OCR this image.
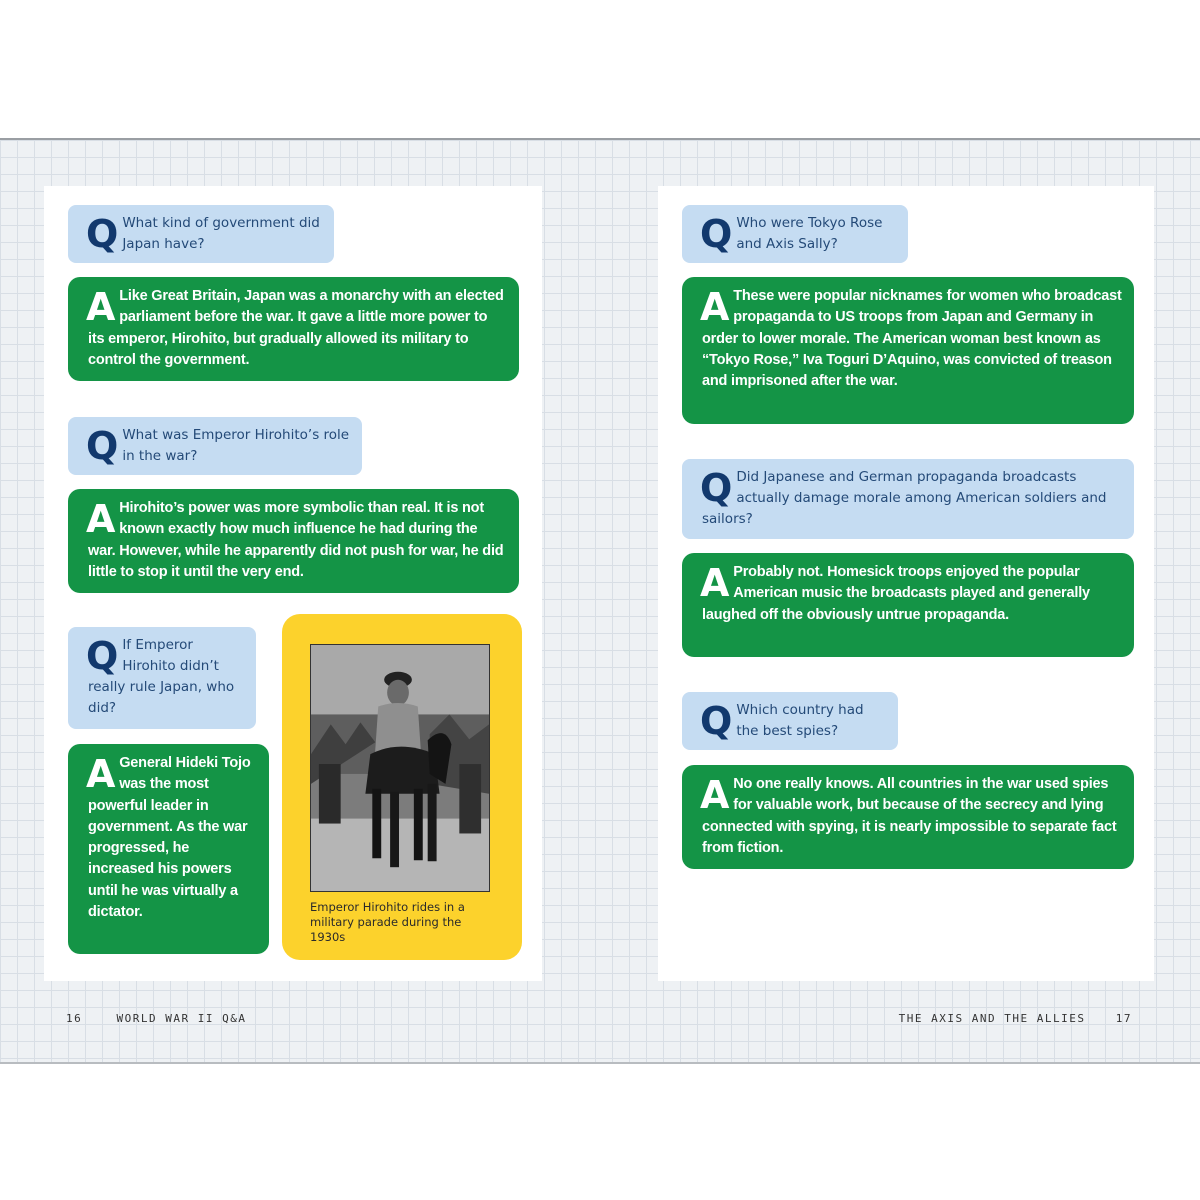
Q What kind of government did Japan have?
A Like Great Britain, Japan was a monarchy with an elected parliament before the war. It gave a little more power to its emperor, Hirohito, but gradually allowed its military to control the government.
Q What was Emperor Hirohito’s role in the war?
A Hirohito’s power was more symbolic than real. It is not known exactly how much influence he had during the war. However, while he apparently did not push for war, he did little to stop it until the very end.
Q If Emperor Hirohito didn’t really rule Japan, who did?
A General Hideki Tojo was the most powerful leader in government. As the war progressed, he increased his powers until he was virtually a dictator.	Emperor Hirohito rides in a military parade during the 1930s
16	WORLD WAR II Q&A
Q Who were Tokyo Rose and Axis Sally?
A These were popular nicknames for women who broadcast propaganda to US troops from Japan and Germany in order to lower morale. The American woman best known as “Tokyo Rose,” Iva Toguri D’Aquino, was convicted of treason and imprisoned after the war.
Q Did Japanese and German propaganda broadcasts actually damage morale among American soldiers and sailors?
A Probably not. Homesick troops enjoyed the popular American music the broadcasts played and generally laughed off the obviously untrue propaganda.
Q Which country had the best spies?
A No one really knows. All countries in the war used spies for valuable work, but because of the secrecy and lying connected with spying, it is nearly impossible to separate fact from fiction.
THE AXIS AND THE ALLIES	17
